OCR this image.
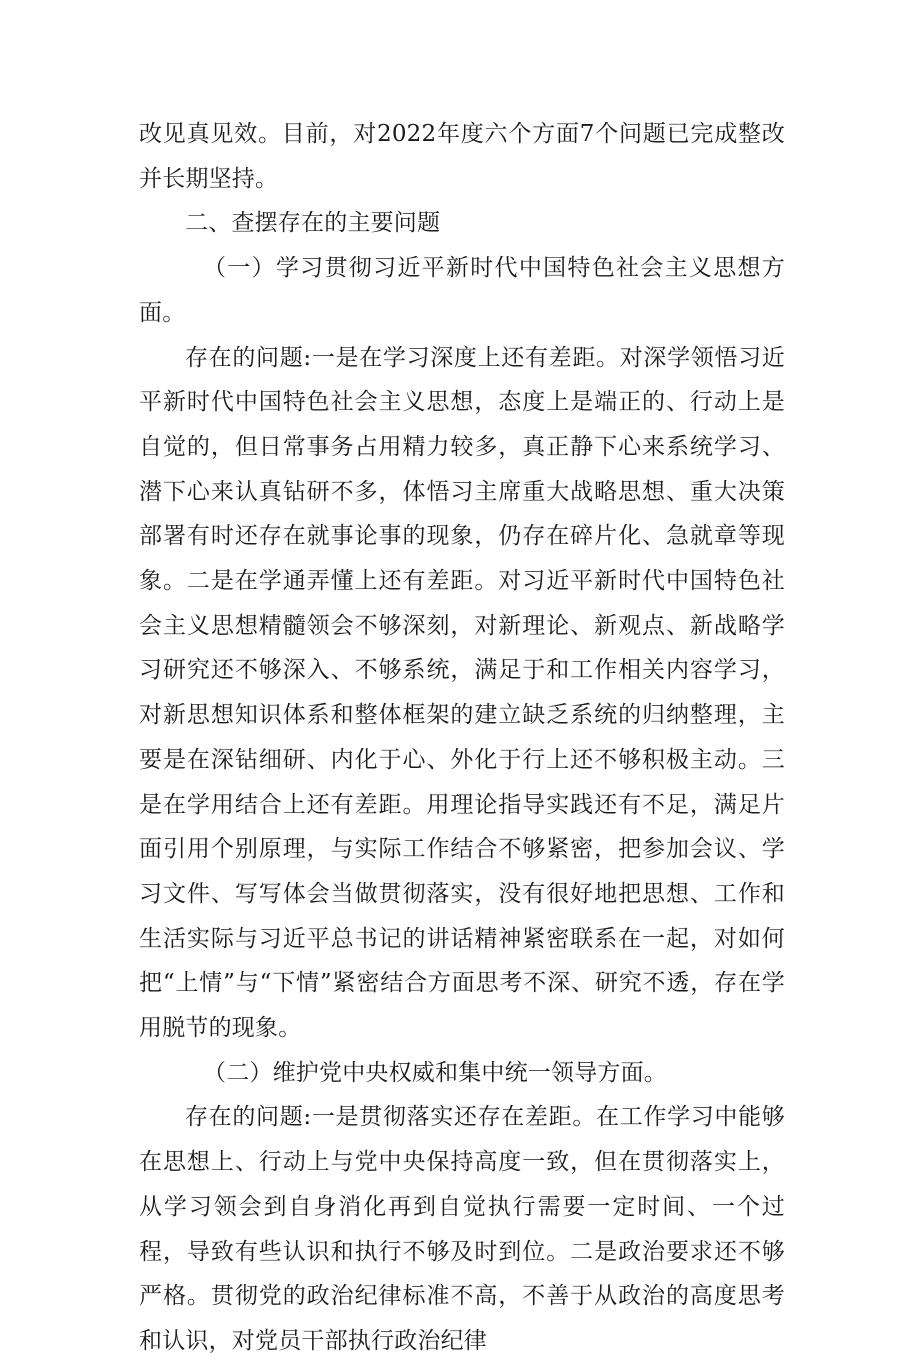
改见真见效。目前，对2022年度六个方面7个问题已完成整改并长期坚持。

二、查摆存在的主要问题

（一）学习贯彻习近平新时代中国特色社会主义思想方面。

存在的问题:一是在学习深度上还有差距。对深学领悟习近平新时代中国特色社会主义思想，态度上是端正的、行动上是自觉的，但日常事务占用精力较多，真正静下心来系统学习、潜下心来认真钻研不多，体悟习主席重大战略思想、重大决策部署有时还存在就事论事的现象，仍存在碎片化、急就章等现象。二是在学通弄懂上还有差距。对习近平新时代中国特色社会主义思想精髓领会不够深刻，对新理论、新观点、新战略学习研究还不够深入、不够系统，满足于和工作相关内容学习，对新思想知识体系和整体框架的建立缺乏系统的归纳整理，主要是在深钻细研、内化于心、外化于行上还不够积极主动。三是在学用结合上还有差距。用理论指导实践还有不足，满足片面引用个别原理，与实际工作结合不够紧密，把参加会议、学习文件、写写体会当做贯彻落实，没有很好地把思想、工作和生活实际与习近平总书记的讲话精神紧密联系在一起，对如何把“上情”与“下情”紧密结合方面思考不深、研究不透，存在学用脱节的现象。

（二）维护党中央权威和集中统一领导方面。

存在的问题:一是贯彻落实还存在差距。在工作学习中能够在思想上、行动上与党中央保持高度一致，但在贯彻落实上，从学习领会到自身消化再到自觉执行需要一定时间、一个过程，导致有些认识和执行不够及时到位。二是政治要求还不够严格。贯彻党的政治纪律标准不高，不善于从政治的高度思考和认识，对党员干部执行政治纪律
